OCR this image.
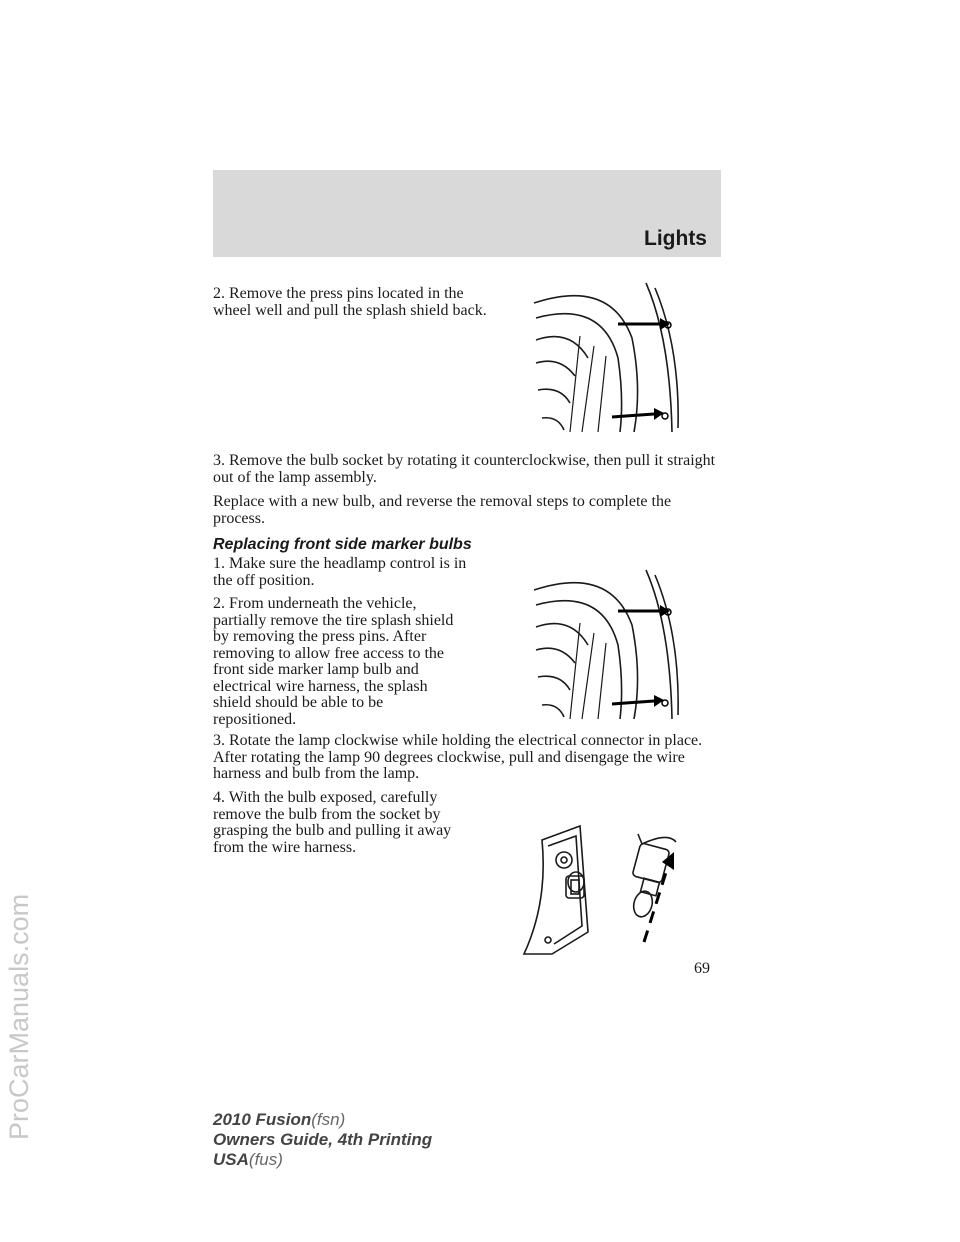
Lights
ProCarManuals.com

2. Remove the press pins located in the wheel well and pull the splash shield back.

3. Remove the bulb socket by rotating it counterclockwise, then pull it straight out of the lamp assembly.

Replace with a new bulb, and reverse the removal steps to complete the process.

Replacing front side marker bulbs

1. Make sure the headlamp control is in the off position.

2. From underneath the vehicle, partially remove the tire splash shield by removing the press pins. After removing to allow free access to the front side marker lamp bulb and electrical wire harness, the splash shield should be able to be repositioned.

3. Rotate the lamp clockwise while holding the electrical connector in place. After rotating the lamp 90 degrees clockwise, pull and disengage the wire harness and bulb from the lamp.

4. With the bulb exposed, carefully remove the bulb from the socket by grasping the bulb and pulling it away from the wire harness.

69
2010 Fusion(fsn)
Owners Guide, 4th Printing
USA(fus)
